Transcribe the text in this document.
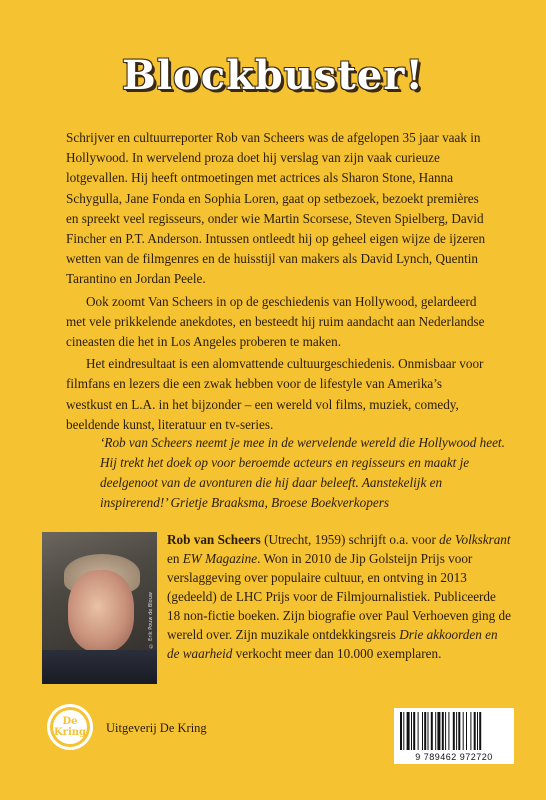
Blockbuster!

Schrijver en cultuurreporter Rob van Scheers was de afgelopen 35 jaar vaak in Hollywood. In wervelend proza doet hij verslag van zijn vaak curieuze lotgevallen. Hij heeft ontmoetingen met actrices als Sharon Stone, Hanna Schygulla, Jane Fonda en Sophia Loren, gaat op setbezoek, bezoekt premières en spreekt veel regisseurs, onder wie Martin Scorsese, Steven Spielberg, David Fincher en P.T. Anderson. Intussen ontleedt hij op geheel eigen wijze de ijzeren wetten van de filmgenres en de huisstijl van makers als David Lynch, Quentin Tarantino en Jordan Peele.

Ook zoomt Van Scheers in op de geschiedenis van Hollywood, gelardeerd met vele prikkelende anekdotes, en besteedt hij ruim aandacht aan Nederlandse cineasten die het in Los Angeles proberen te maken.

Het eindresultaat is een alomvattende cultuurgeschiedenis. Onmisbaar voor filmfans en lezers die een zwak hebben voor de lifestyle van Amerika’s westkust en L.A. in het bijzonder – een wereld vol films, muziek, comedy, beeldende kunst, literatuur en tv-series.

‘Rob van Scheers neemt je mee in de wervelende wereld die Hollywood heet. Hij trekt het doek op voor beroemde acteurs en regisseurs en maakt je deelgenoot van de avonturen die hij daar beleeft. Aanstekelijk en inspirerend!’ Grietje Braaksma, Broese Boekverkopers
© Erik Pouw de Blouw
Rob van Scheers (Utrecht, 1959) schrijft o.a. voor de Volkskrant en EW Magazine. Won in 2010 de Jip Golsteijn Prijs voor verslaggeving over populaire cultuur, en ontving in 2013 (gedeeld) de LHC Prijs voor de Filmjournalistiek. Publiceerde 18 non-fictie boeken. Zijn biografie over Paul Verhoeven ging de wereld over. Zijn muzikale ontdekkingsreis Drie akkoorden en de waarheid verkocht meer dan 10.000 exemplaren.
De
Kring Uitgeverij De Kring
9 789462 972720
